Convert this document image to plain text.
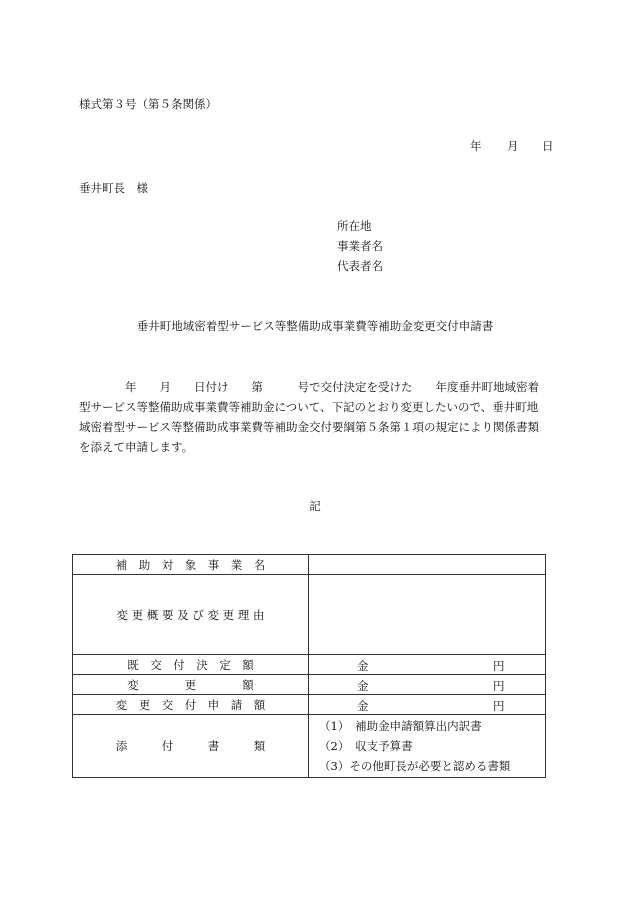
様式第３号（第５条関係）
年 月 日
垂井町長　様
所在地
事業者名
代表者名
垂井町地域密着型サービス等整備助成事業費等補助金変更交付申請書
　　　　年　　月　　日付け　　第　　　号で交付決定を受けた　　年度垂井町地域密着
型サービス等整備助成事業費等補助金について、下記のとおり変更したいので、垂井町地
域密着型サービス等整備助成事業費等補助金交付要綱第５条第１項の規定により関係書類
を添えて申請します。
記
補　助　対　象　事　業　名	
変 更 概 要 及 び 変 更 理 由	
既　交　付　決　定　額	金 円

変　　　　更　　　　額	金 円

変　更　交　付　申　請　額	金 円

添　　　付　　　書　　　類	（1）　補助金申請額算出内訳書
（2）　収支予算書
（3）その他町長が必要と認める書類
